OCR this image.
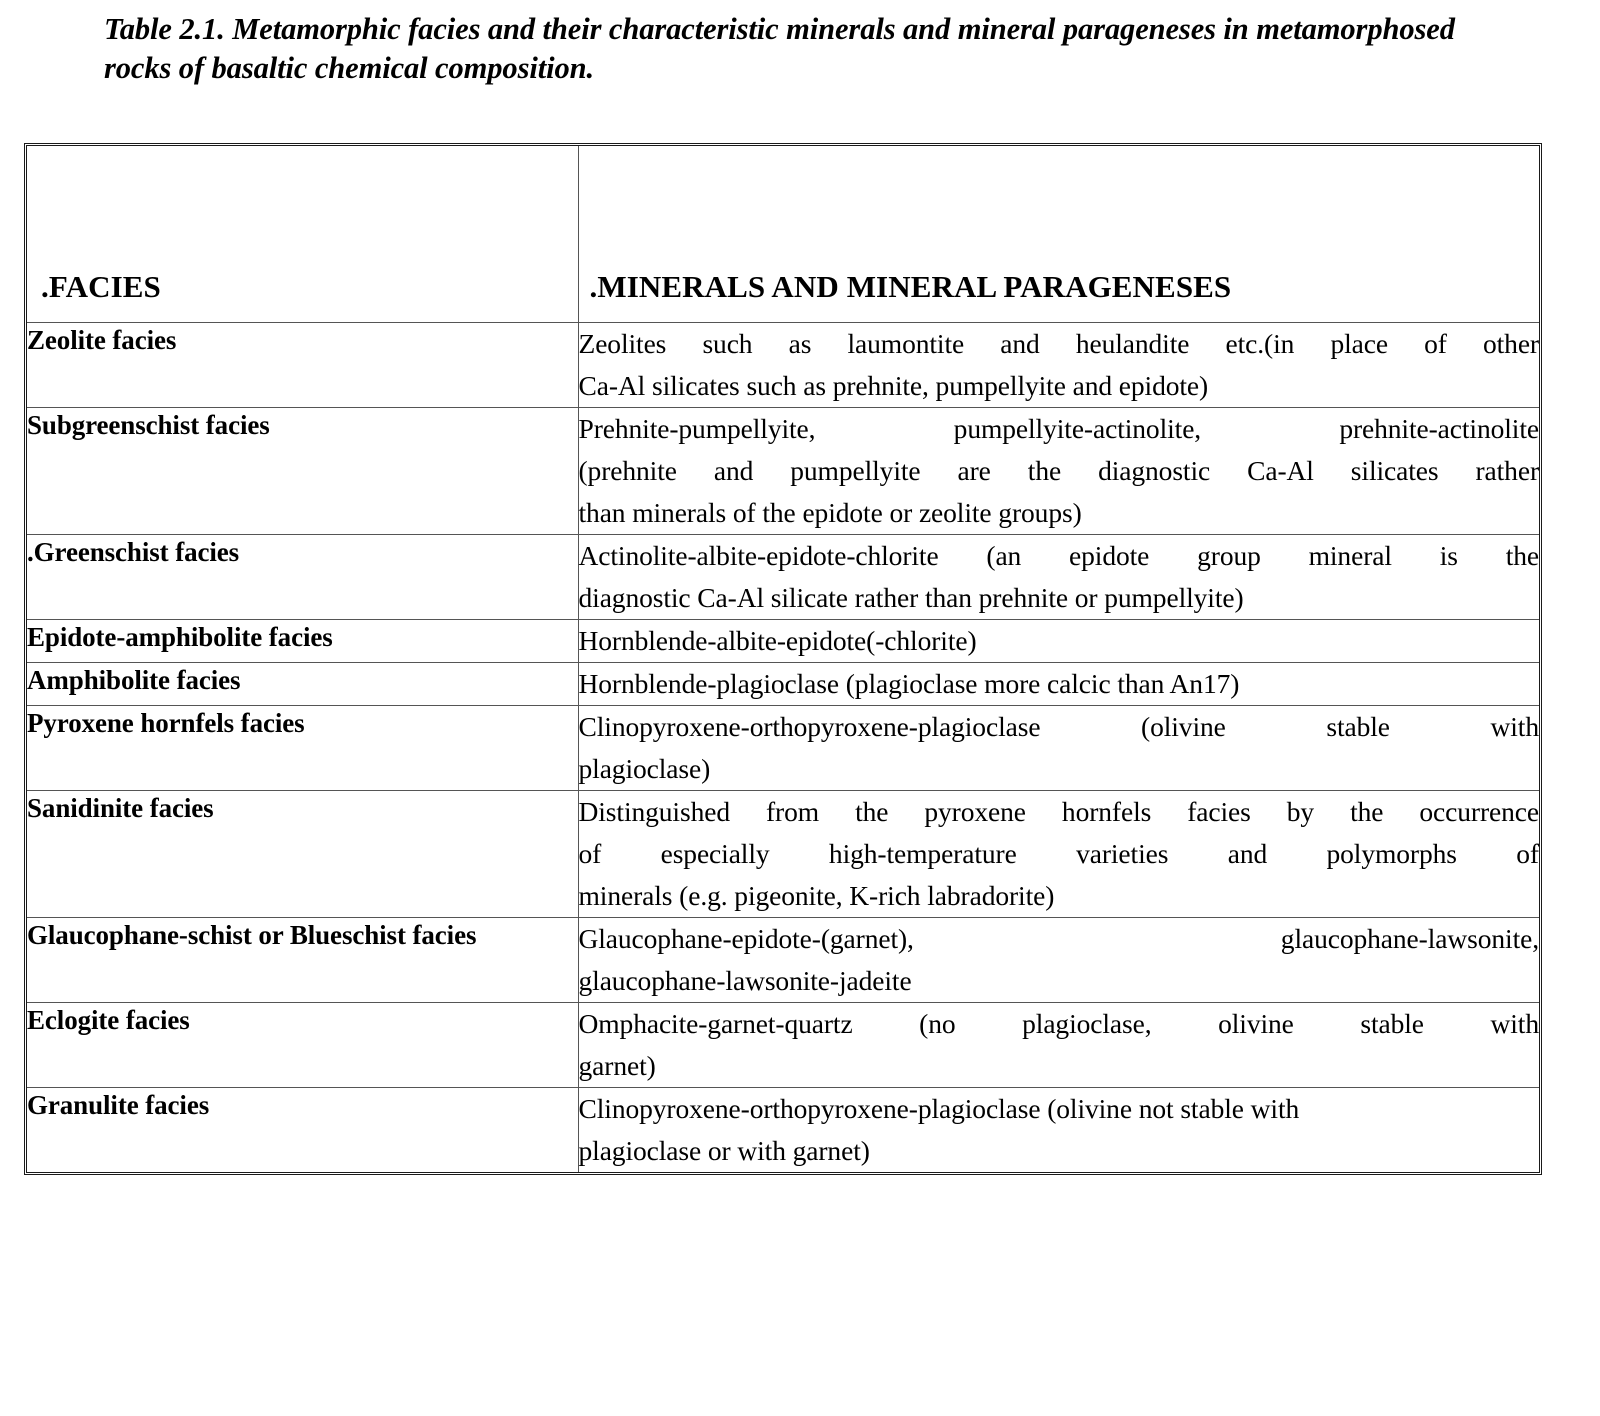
Table 2.1. Metamorphic facies and their characteristic minerals and mineral parageneses in metamorphosed rocks of basaltic chemical composition.
. FACIES	. MINERALS AND MINERAL PARAGENESES

Zeolite facies	Zeolites such as laumontite and heulandite etc.(in place of other

Ca-Al silicates such as prehnite, pumpellyite and epidote)

Subgreenschist facies	Prehnite-pumpellyite, pumpellyite-actinolite, prehnite-actinolite

(prehnite and pumpellyite are the diagnostic Ca-Al silicates rather

than minerals of the epidote or zeolite groups)

. Greenschist facies	Actinolite-albite-epidote-chlorite (an epidote group mineral is the

diagnostic Ca-Al silicate rather than prehnite or pumpellyite)

Epidote-amphibolite facies	Hornblende-albite-epidote(-chlorite)

Amphibolite facies	Hornblende-plagioclase (plagioclase more calcic than An17)

Pyroxene hornfels facies	Clinopyroxene-orthopyroxene-plagioclase (olivine stable with

plagioclase)

Sanidinite facies	Distinguished from the pyroxene hornfels facies by the occurrence

of especially high-temperature varieties and polymorphs of

minerals (e.g. pigeonite, K-rich labradorite)

Glaucophane-schist or Blueschist facies	Glaucophane-epidote-(garnet), glaucophane-lawsonite,

glaucophane-lawsonite-jadeite

Eclogite facies	Omphacite-garnet-quartz (no plagioclase, olivine stable with

garnet)

Granulite facies	Clinopyroxene-orthopyroxene-plagioclase (olivine not stable with

plagioclase or with garnet)
